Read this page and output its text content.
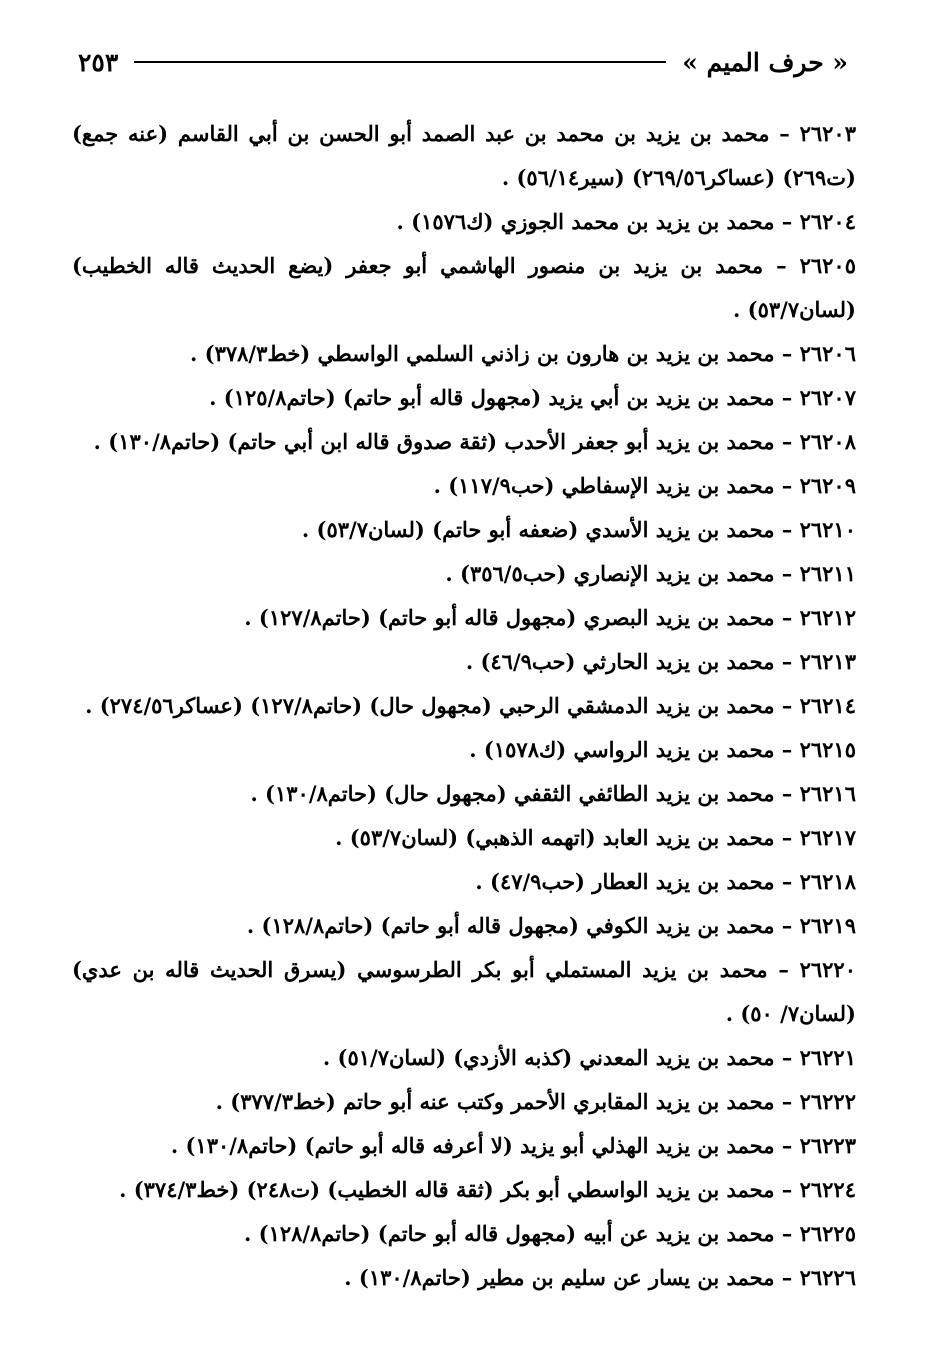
« حرف الميم »
٢٥٣

٢٦٢٠٣ – محمد بن يزيد بن محمد بن عبد الصمد أبو الحسن بن أبي القاسم (عنه جمع) (ت٢٦٩) (عساكر٢٦٩/٥٦) (سير٥٦/١٤) .

٢٦٢٠٤ – محمد بن يزيد بن محمد الجوزي (ك١٥٧٦) .

٢٦٢٠٥ – محمد بن يزيد بن منصور الهاشمي أبو جعفر (يضع الحديث قاله الخطيب) (لسان٥٣/٧) .

٢٦٢٠٦ – محمد بن يزيد بن هارون بن زاذني السلمي الواسطي (خط٣٧٨/٣) .

٢٦٢٠٧ – محمد بن يزيد بن أبي يزيد (مجهول قاله أبو حاتم) (حاتم١٢٥/٨) .

٢٦٢٠٨ – محمد بن يزيد أبو جعفر الأحدب (ثقة صدوق قاله ابن أبي حاتم) (حاتم١٣٠/٨) .

٢٦٢٠٩ – محمد بن يزيد الإسفاطي (حب١١٧/٩) .

٢٦٢١٠ – محمد بن يزيد الأسدي (ضعفه أبو حاتم) (لسان٥٣/٧) .

٢٦٢١١ – محمد بن يزيد الإنصاري (حب٣٥٦/٥) .

٢٦٢١٢ – محمد بن يزيد البصري (مجهول قاله أبو حاتم) (حاتم١٢٧/٨) .

٢٦٢١٣ – محمد بن يزيد الحارثي (حب٤٦/٩) .

٢٦٢١٤ – محمد بن يزيد الدمشقي الرحبي (مجهول حال) (حاتم١٢٧/٨) (عساكر٢٧٤/٥٦) .

٢٦٢١٥ – محمد بن يزيد الرواسي (ك١٥٧٨) .

٢٦٢١٦ – محمد بن يزيد الطائفي الثقفي (مجهول حال) (حاتم١٣٠/٨) .

٢٦٢١٧ – محمد بن يزيد العابد (اتهمه الذهبي) (لسان٥٣/٧) .

٢٦٢١٨ – محمد بن يزيد العطار (حب٤٧/٩) .

٢٦٢١٩ – محمد بن يزيد الكوفي (مجهول قاله أبو حاتم) (حاتم١٢٨/٨) .

٢٦٢٢٠ – محمد بن يزيد المستملي أبو بكر الطرسوسي (يسرق الحديث قاله بن عدي) (لسان٧/ ٥٠) .

٢٦٢٢١ – محمد بن يزيد المعدني (كذبه الأزدي) (لسان٥١/٧) .

٢٦٢٢٢ – محمد بن يزيد المقابري الأحمر وكتب عنه أبو حاتم (خط٣٧٧/٣) .

٢٦٢٢٣ – محمد بن يزيد الهذلي أبو يزيد (لا أعرفه قاله أبو حاتم) (حاتم١٣٠/٨) .

٢٦٢٢٤ – محمد بن يزيد الواسطي أبو بكر (ثقة قاله الخطيب) (ت٢٤٨) (خط٣٧٤/٣) .

٢٦٢٢٥ – محمد بن يزيد عن أبيه (مجهول قاله أبو حاتم) (حاتم١٢٨/٨) .

٢٦٢٢٦ – محمد بن يسار عن سليم بن مطير (حاتم١٣٠/٨) .
